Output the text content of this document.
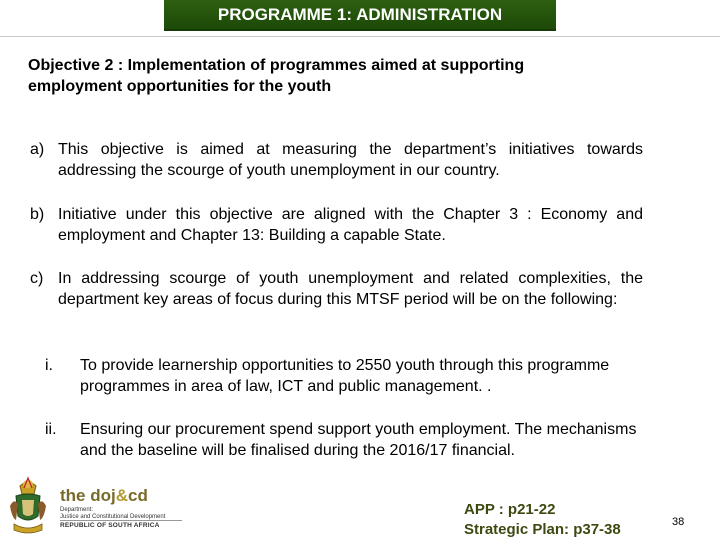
PROGRAMME 1: ADMINISTRATION
Objective 2 : Implementation of programmes aimed at supporting
employment opportunities for the youth
a) This objective is aimed at measuring the department’s initiatives towards addressing the scourge of youth unemployment in our country.
b) Initiative under this objective are aligned with the Chapter 3 : Economy and employment and Chapter 13: Building a capable State.
c) In addressing scourge of youth unemployment and related complexities, the department key areas of focus during this MTSF period will be on the following:
i. To provide learnership opportunities to 2550 youth through this programme programmes in area of law, ICT and public management. .
ii. Ensuring our procurement spend support youth employment. The mechanisms and the baseline will be finalised during the 2016/17 financial.
the doj&cd
Department:
Justice and Constitutional Development
REPUBLIC OF SOUTH AFRICA
APP : p21-22
Strategic Plan: p37-38	38
